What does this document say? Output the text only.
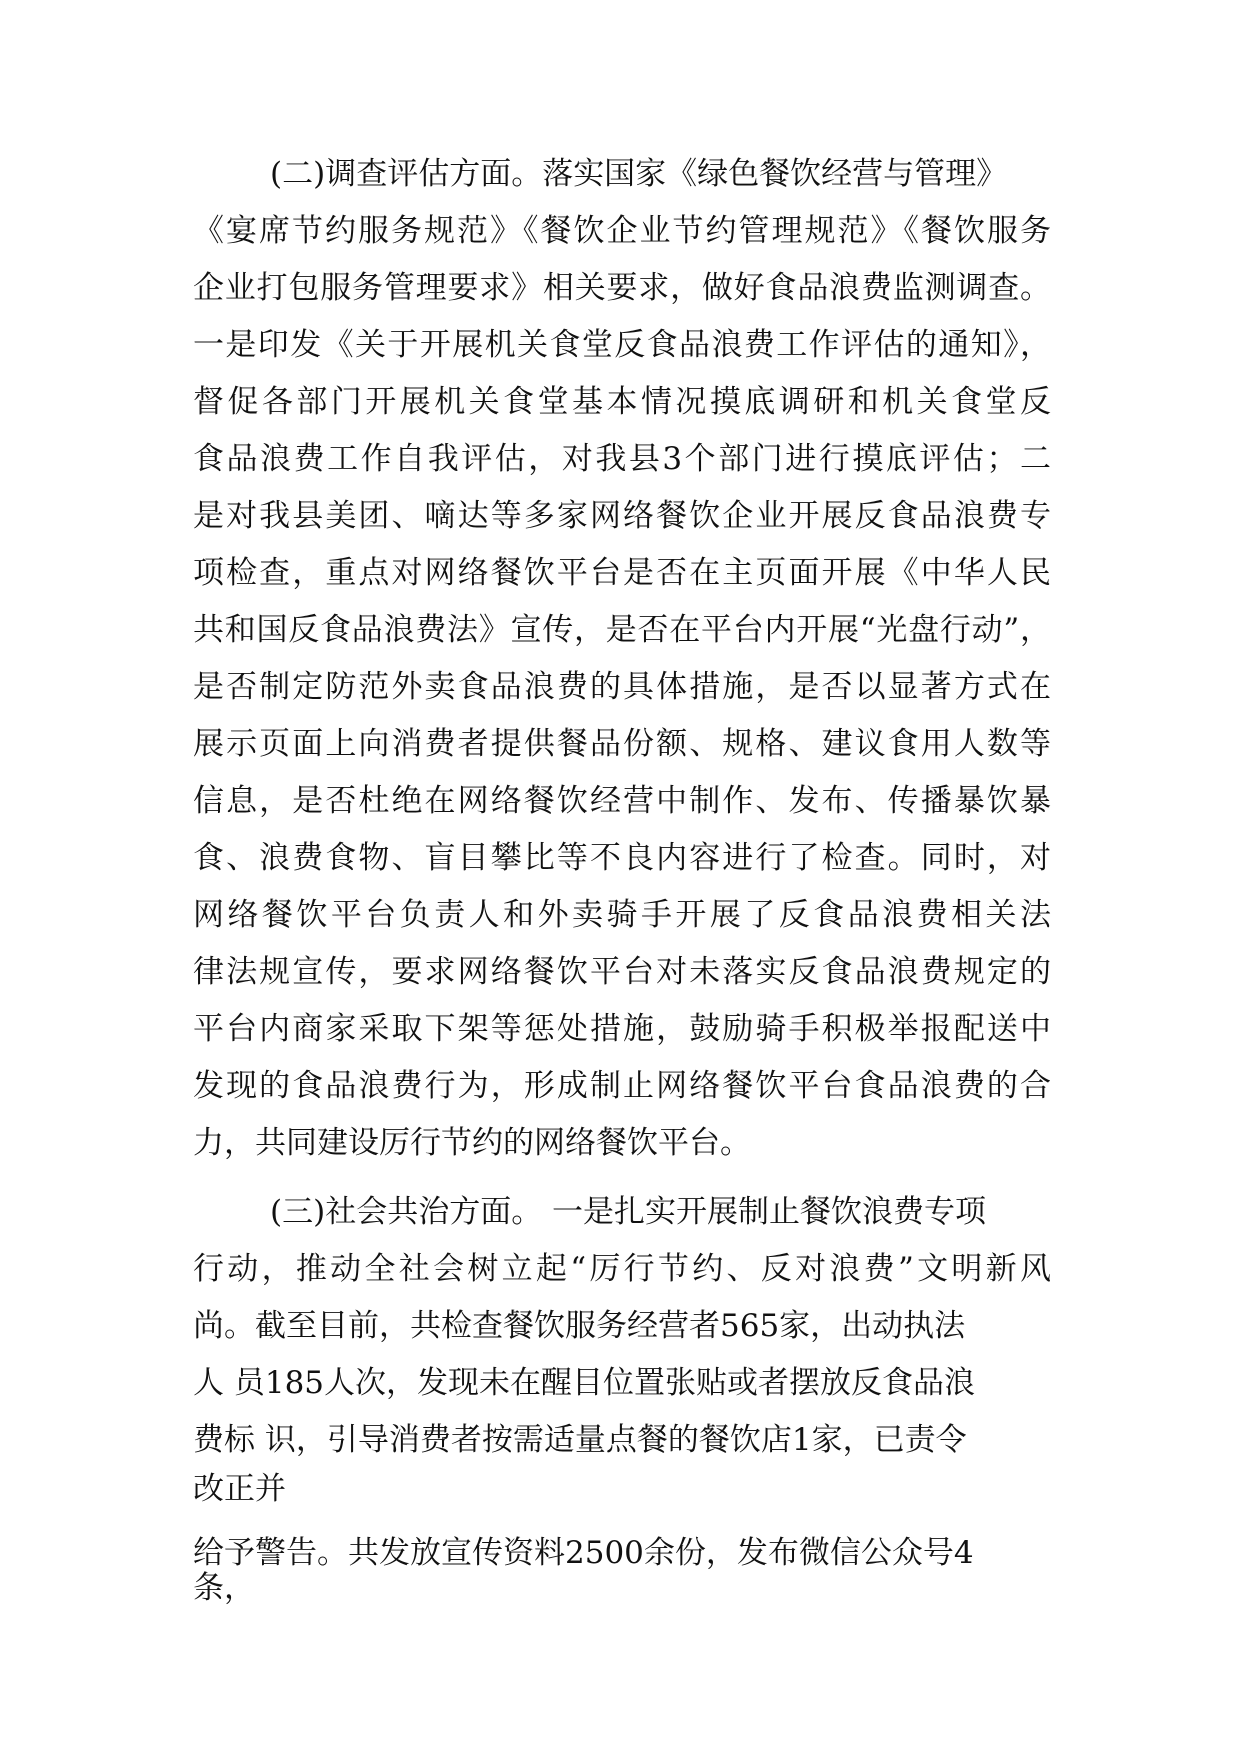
(二)调查评估方面。落实国家《绿色餐饮经营与管理》
《宴席节约服务规范》《餐饮企业节约管理规范》《餐饮服务
企业打包服务管理要求》相关要求，做好食品浪费监测调查。
一是印发《关于开展机关食堂反食品浪费工作评估的通知》，
督促各部门开展机关食堂基本情况摸底调研和机关食堂反
食品浪费工作自我评估，对我县3个部门进行摸底评估；二
是对我县美团、嘀达等多家网络餐饮企业开展反食品浪费专
项检查，重点对网络餐饮平台是否在主页面开展《中华人民
共和国反食品浪费法》宣传，是否在平台内开展“光盘行动”，
是否制定防范外卖食品浪费的具体措施，是否以显著方式在
展示页面上向消费者提供餐品份额、规格、建议食用人数等
信息，是否杜绝在网络餐饮经营中制作、发布、传播暴饮暴
食、浪费食物、盲目攀比等不良内容进行了检查。同时，对
网络餐饮平台负责人和外卖骑手开展了反食品浪费相关法
律法规宣传，要求网络餐饮平台对未落实反食品浪费规定的
平台内商家采取下架等惩处措施，鼓励骑手积极举报配送中
发现的食品浪费行为，形成制止网络餐饮平台食品浪费的合
力，共同建设厉行节约的网络餐饮平台。
(三)社会共治方面。 一是扎实开展制止餐饮浪费专项
行动，推动全社会树立起“厉行节约、反对浪费”文明新风
尚。截至目前，共检查餐饮服务经营者565家，出动执法
人 员185人次，发现未在醒目位置张贴或者摆放反食品浪
费标 识，引导消费者按需适量点餐的餐饮店1家，已责令
改正并
给予警告。共发放宣传资料2500余份，发布微信公众号4
条，
